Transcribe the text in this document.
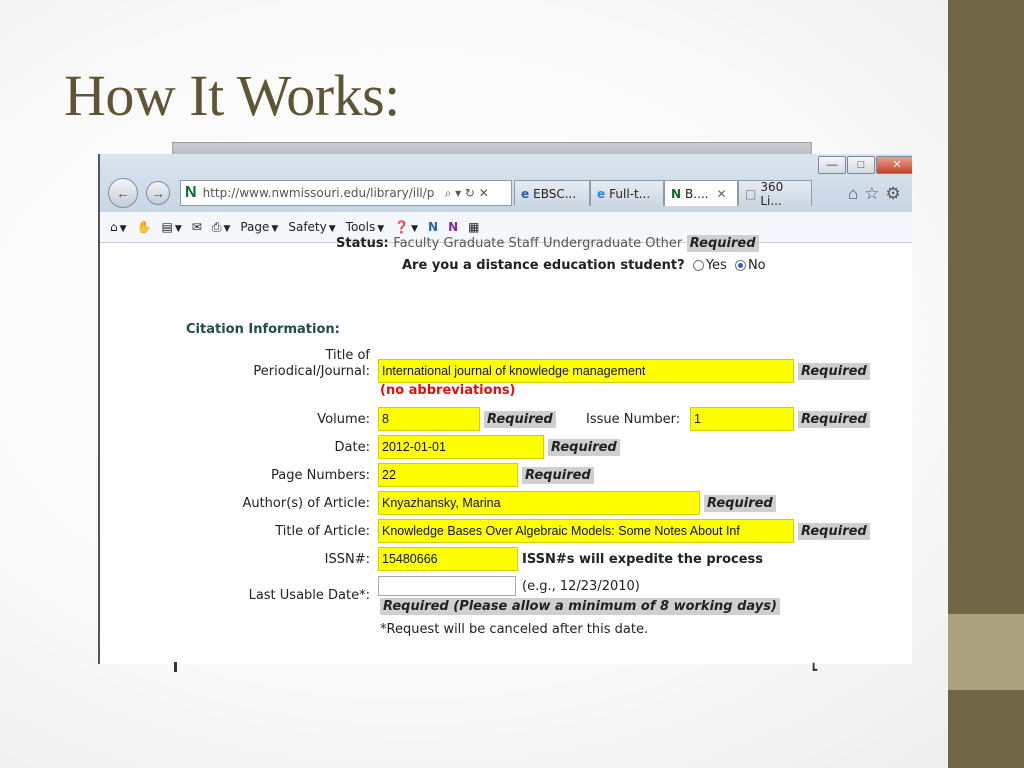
How It Works:
—	□	✕
←	→	N http://www.nwmissouri.edu/library/ill/p ⌕ ▾ ↻ ✕	e EBSC... e Full-t... N B.... ✕ □ 360 Li...	⌂☆⚙
⌂ ▼ ✋ ▤ ▼ ✉ ⎙ ▼ Page ▼ Safety ▼ Tools ▼ ❓ ▼ N N ▦
Status: Faculty Graduate Staff Undergraduate Other Required
Are you a distance education student? Yes No
Citation Information:
Title of
Periodical/Journal: International journal of knowledge management	Required
(no abbreviations)
Volume: 8	Required	Issue Number:	1	Required
Date: 2012-01-01	Required
Page Numbers: 22	Required
Author(s) of Article: Knyazhansky, Marina	Required
Title of Article: Knowledge Bases Over Algebraic Models: Some Notes About Inf	Required
ISSN#: 15480666	ISSN#s will expedite the process
Last Usable Date*:
(e.g., 12/23/2010)
Required (Please allow a minimum of 8 working days)
*Request will be canceled after this date.
┗
